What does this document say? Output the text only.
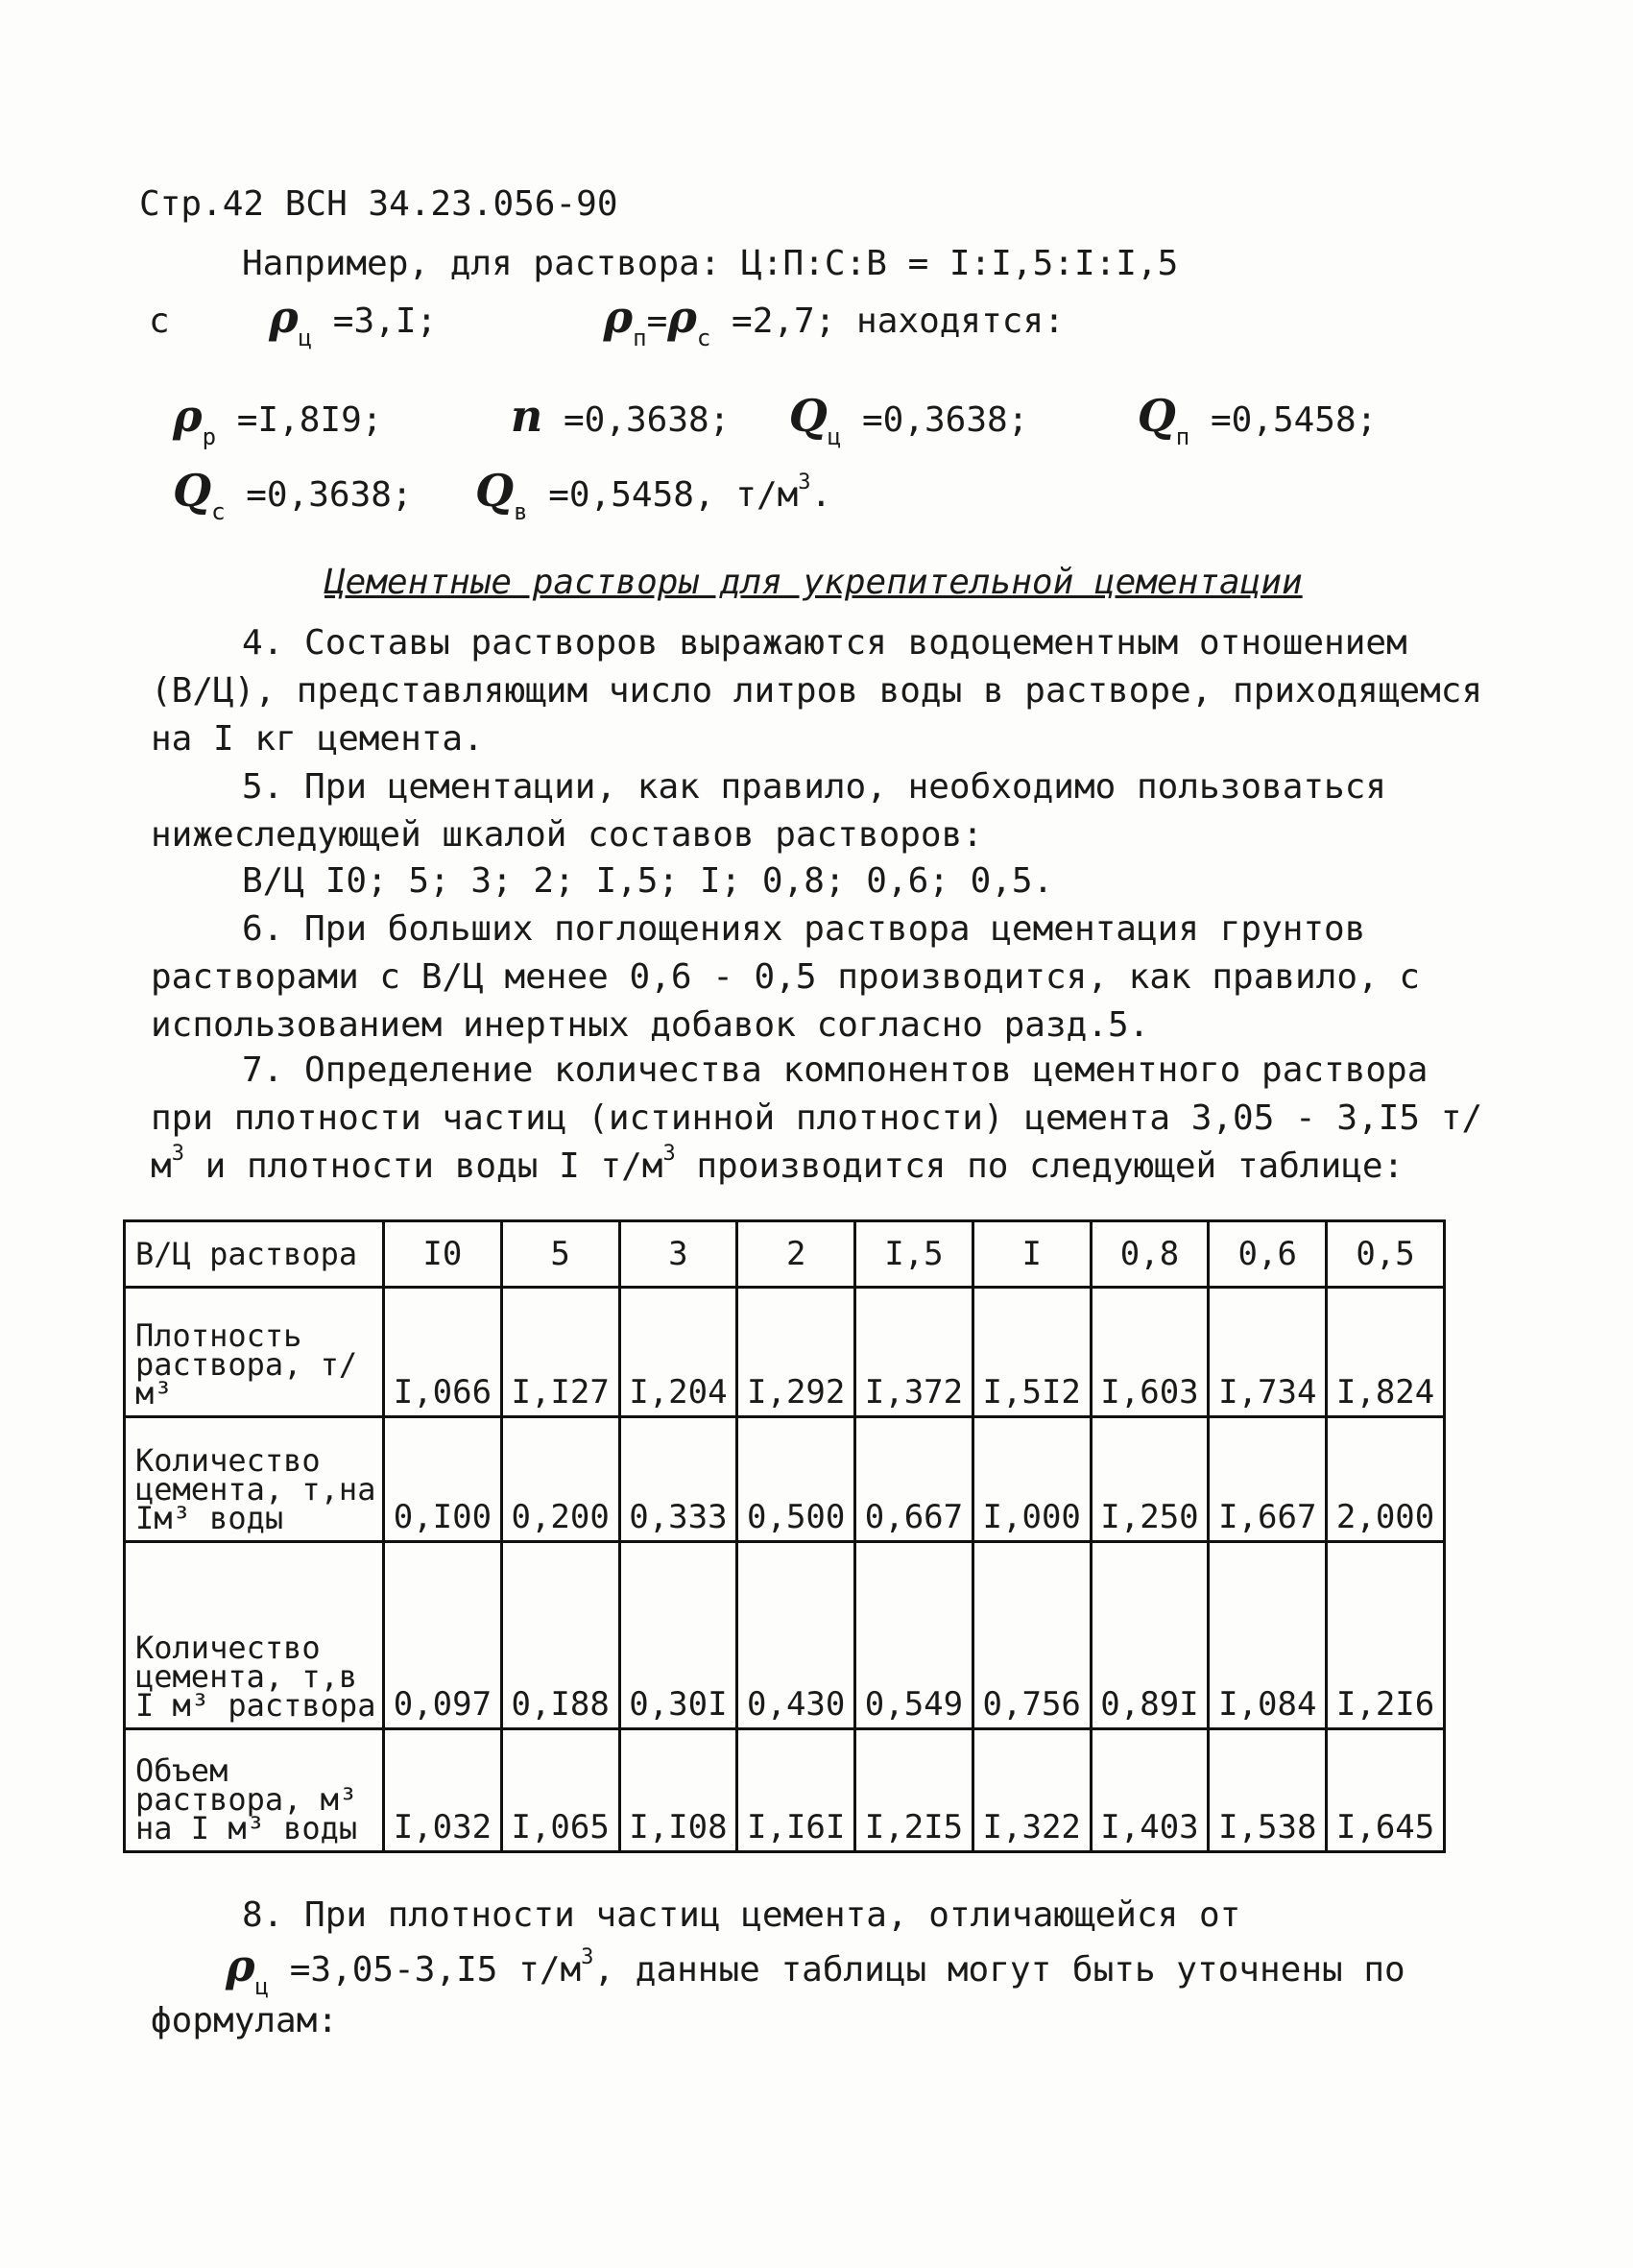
Стр.42 ВСН 34.23.056-90
Например, для раствора: Ц:П:С:В = I:I,5:I:I,5
с $\rho_ц =3,I$;	$\rho_п=\rho_с =2,7$; находятся:
$\rho_р =I,8I9$;	n =0,3638; $Q_ц =0,3638$; $Q_п =0,5458$;
$Q_с =0,3638$; $Q_в =0,5458$, $т/м^3$.
Цементные растворы для укрепительной цементации
4. Составы растворов выражаются водоцементным отношением (В/Ц), представляющим число литров воды в растворе, приходящемся на I кг цемента.
5. При цементации, как правило, необходимо пользоваться нижеследующей шкалой составов растворов:
В/Ц I0; 5; 3; 2; I,5; I; 0,8; 0,6; 0,5.
6. При больших поглощениях раствора цементация грунтов растворами с В/Ц менее 0,6 - 0,5 производится, как правило, с использованием инертных добавок согласно разд.5.
7. Определение количества компонентов цементного раствора при плотности частиц (истинной плотности) цемента 3,05 - 3,I5 $т/м^3$ и плотности воды I $т/м^3$ производится по следующей таблице:
В/Ц раствора	I0	5	3	2	I,5	I	0,8	0,6	0,5
Плотность раствора, т/м³	I,066	I,I27	I,204	I,292	I,372	I,5I2	I,603	I,734	I,824
Количество цемента, т,на Iм³ воды	0,I00	0,200	0,333	0,500	0,667	I,000	I,250	I,667	2,000
Количество цемента, т,в I м³ раствора	0,097	0,I88	0,30I	0,430	0,549	0,756	0,89I	I,084	I,2I6
Объем раствора, м³ на I м³ воды	I,032	I,065	I,I08	I,I6I	I,2I5	I,322	I,403	I,538	I,645
8. При плотности частиц цемента, отличающейся от
$\rho_ц =3,05-3,I5$ $т/м^3$, данные таблицы могут быть уточнены по
формулам:
